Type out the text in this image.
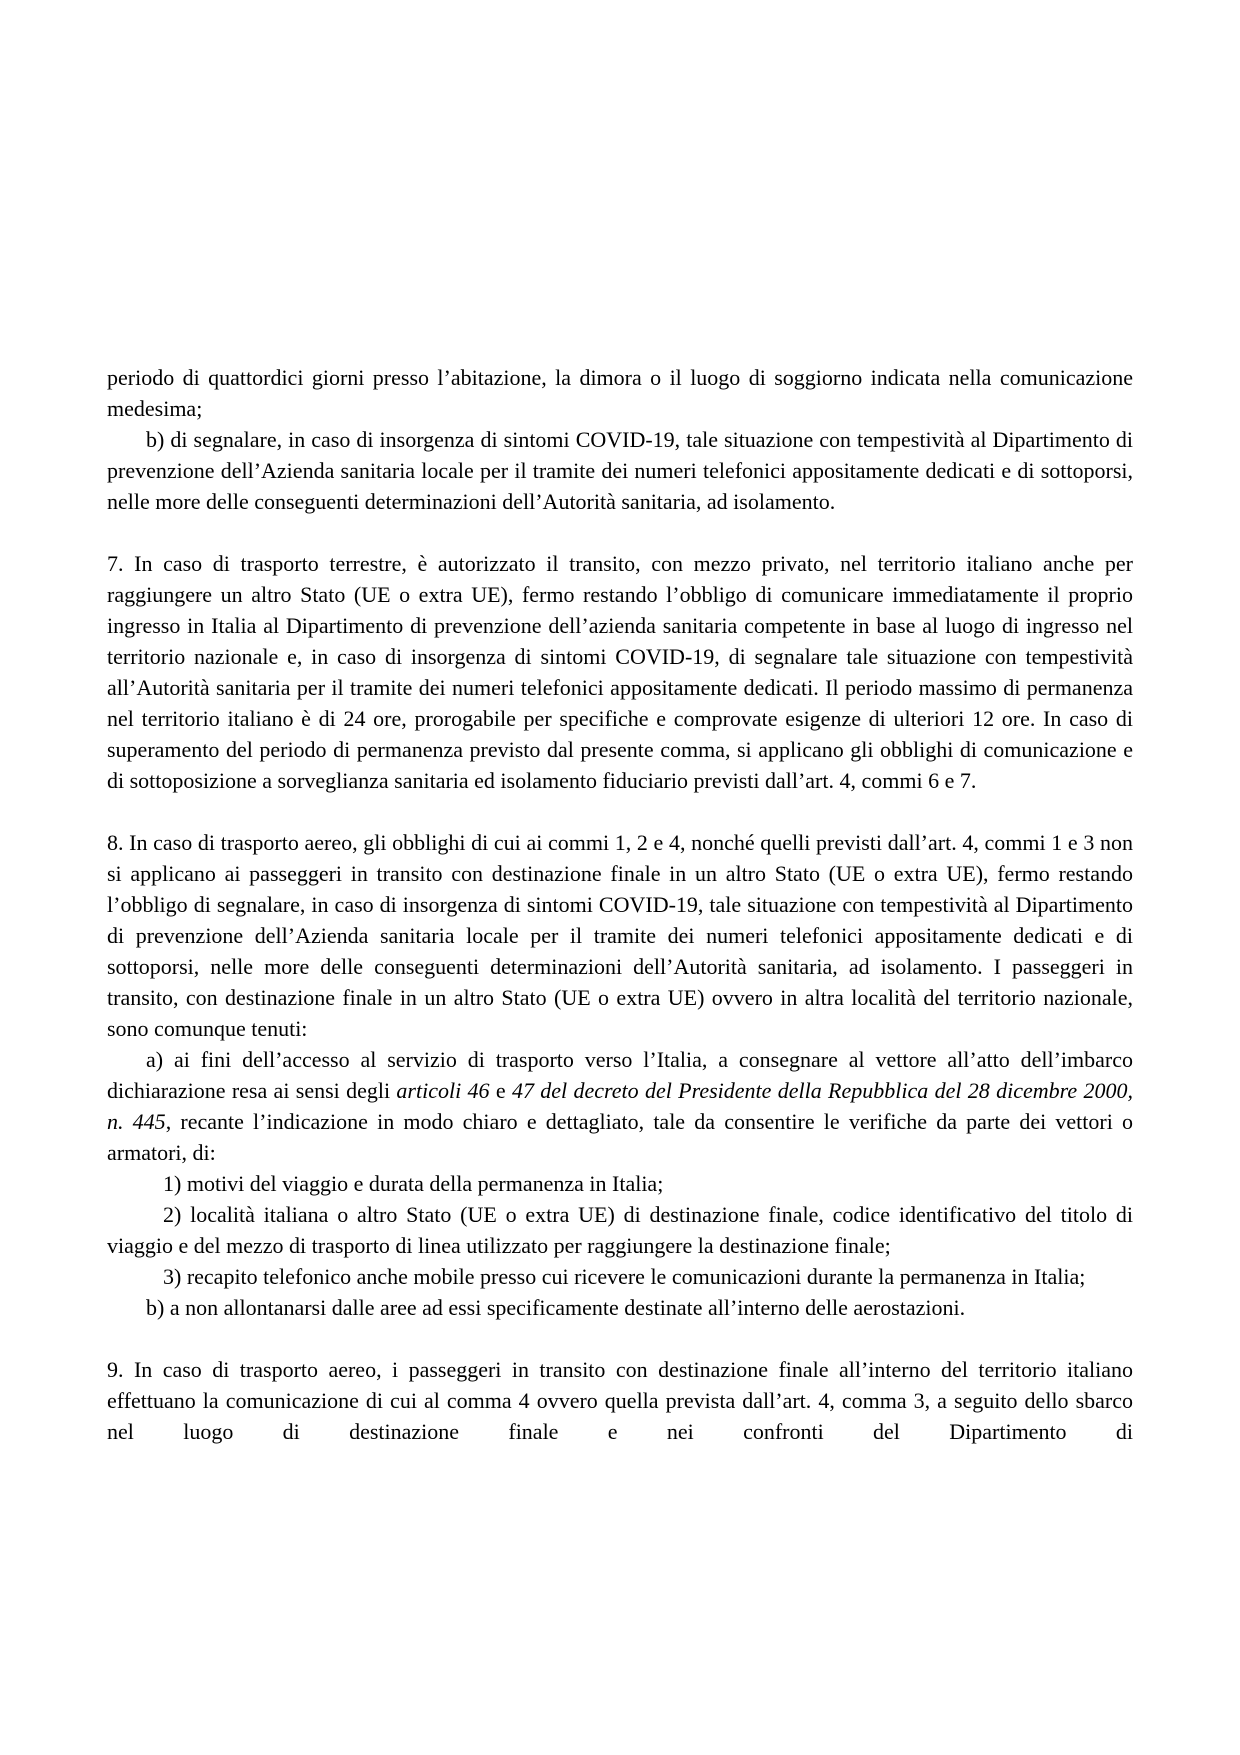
periodo di quattordici giorni presso l’abitazione, la dimora o il luogo di soggiorno indicata nella comunicazione medesima;

b) di segnalare, in caso di insorgenza di sintomi COVID-19, tale situazione con tempestività al Dipartimento di prevenzione dell’Azienda sanitaria locale per il tramite dei numeri telefonici appositamente dedicati e di sottoporsi, nelle more delle conseguenti determinazioni dell’Autorità sanitaria, ad isolamento.

7. In caso di trasporto terrestre, è autorizzato il transito, con mezzo privato, nel territorio italiano anche per raggiungere un altro Stato (UE o extra UE), fermo restando l’obbligo di comunicare immediatamente il proprio ingresso in Italia al Dipartimento di prevenzione dell’azienda sanitaria competente in base al luogo di ingresso nel territorio nazionale e, in caso di insorgenza di sintomi COVID-19, di segnalare tale situazione con tempestività all’Autorità sanitaria per il tramite dei numeri telefonici appositamente dedicati. Il periodo massimo di permanenza nel territorio italiano è di 24 ore, prorogabile per specifiche e comprovate esigenze di ulteriori 12 ore. In caso di superamento del periodo di permanenza previsto dal presente comma, si applicano gli obblighi di comunicazione e di sottoposizione a sorveglianza sanitaria ed isolamento fiduciario previsti dall’art. 4, commi 6 e 7.

8. In caso di trasporto aereo, gli obblighi di cui ai commi 1, 2 e 4, nonché quelli previsti dall’art. 4, commi 1 e 3 non si applicano ai passeggeri in transito con destinazione finale in un altro Stato (UE o extra UE), fermo restando l’obbligo di segnalare, in caso di insorgenza di sintomi COVID-19, tale situazione con tempestività al Dipartimento di prevenzione dell’Azienda sanitaria locale per il tramite dei numeri telefonici appositamente dedicati e di sottoporsi, nelle more delle conseguenti determinazioni dell’Autorità sanitaria, ad isolamento. I passeggeri in transito, con destinazione finale in un altro Stato (UE o extra UE) ovvero in altra località del territorio nazionale, sono comunque tenuti:

a) ai fini dell’accesso al servizio di trasporto verso l’Italia, a consegnare al vettore all’atto dell’imbarco dichiarazione resa ai sensi degli articoli 46 e 47 del decreto del Presidente della Repubblica del 28 dicembre 2000, n. 445, recante l’indicazione in modo chiaro e dettagliato, tale da consentire le verifiche da parte dei vettori o armatori, di:

1) motivi del viaggio e durata della permanenza in Italia;

2) località italiana o altro Stato (UE o extra UE) di destinazione finale, codice identificativo del titolo di viaggio e del mezzo di trasporto di linea utilizzato per raggiungere la destinazione finale;

3) recapito telefonico anche mobile presso cui ricevere le comunicazioni durante la permanenza in Italia;

b) a non allontanarsi dalle aree ad essi specificamente destinate all’interno delle aerostazioni.

9. In caso di trasporto aereo, i passeggeri in transito con destinazione finale all’interno del territorio italiano effettuano la comunicazione di cui al comma 4 ovvero quella prevista dall’art. 4, comma 3, a seguito dello sbarco nel luogo di destinazione finale e nei confronti del Dipartimento di
